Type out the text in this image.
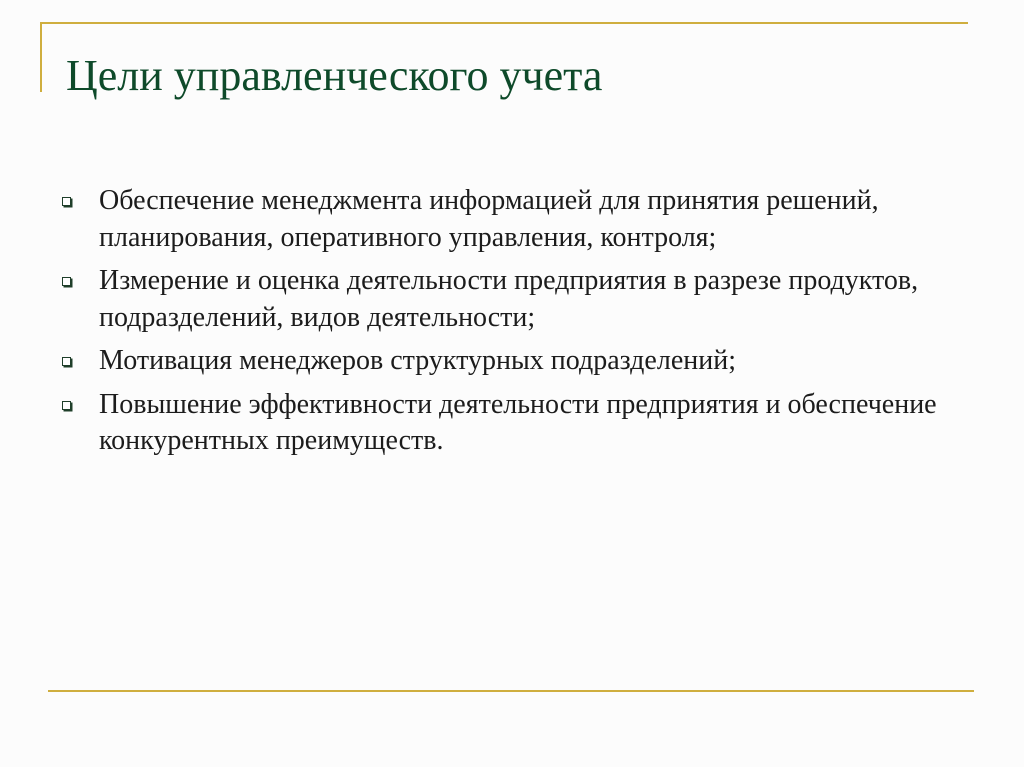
Цели управленческого учета
Обеспечение менеджмента информацией для принятия решений, планирования, оперативного управления, контроля;
Измерение и оценка деятельности предприятия в разрезе продуктов, подразделений, видов деятельности;
Мотивация менеджеров структурных подразделений;
Повышение эффективности деятельности предприятия и обеспечение конкурентных преимуществ.
